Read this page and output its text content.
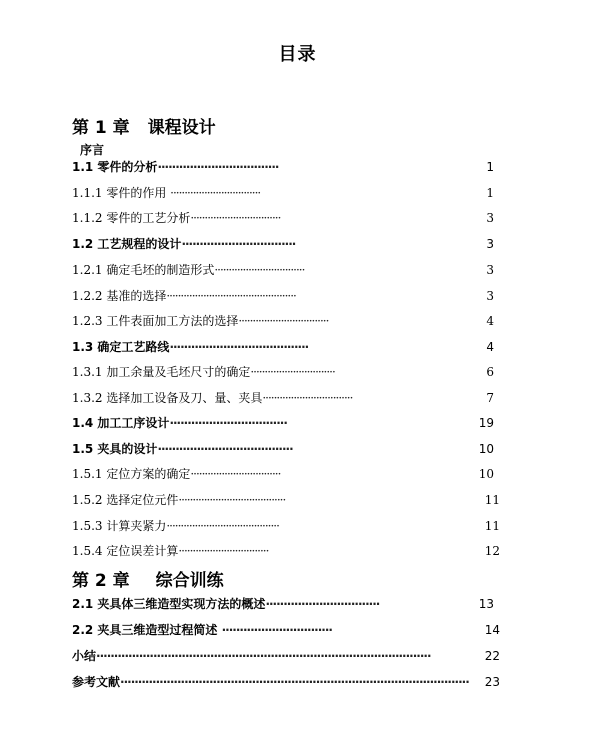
目录
第 1 章 课程设计
序言
1.1 零件的分析··································	1
1.1.1 零件的作用 ································	1
1.1.2 零件的工艺分析································	3
1.2 工艺规程的设计································	3
1.2.1 确定毛坯的制造形式································	3
1.2.2 基准的选择··············································	3
1.2.3 工件表面加工方法的选择································	4
1.3 确定工艺路线·······································	4
1.3.1 加工余量及毛坯尺寸的确定······························	6
1.3.2 选择加工设备及刀、量、夹具································	7
1.4 加工工序设计·································	19
1.5 夹具的设计······································	10
1.5.1 定位方案的确定································	10
1.5.2 选择定位元件······································	11
1.5.3 计算夹紧力········································	11
1.5.4 定位误差计算································	12
第 2 章 综合训练
2.1 夹具体三维造型实现方法的概述································	13
2.2 夹具三维造型过程简述 ·······························	14
小结······························································································	22
参考文献··································································································	23
